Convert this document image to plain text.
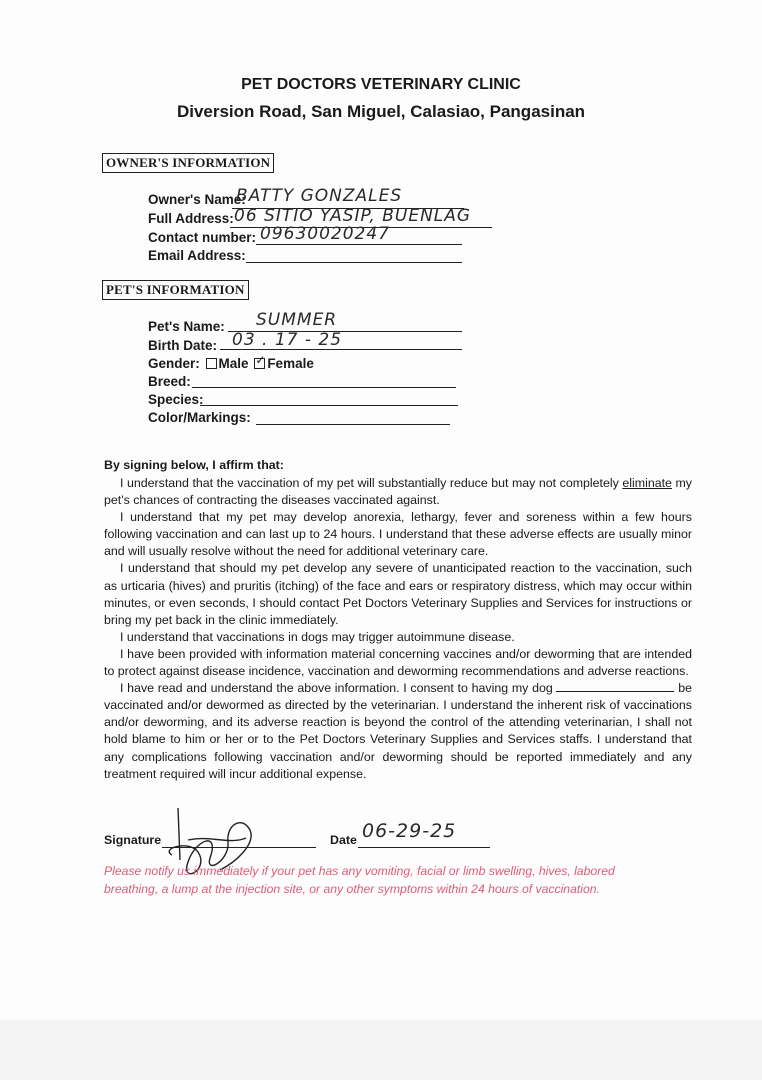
PET DOCTORS VETERINARY CLINIC
Diversion Road, San Miguel, Calasiao, Pangasinan
OWNER'S INFORMATION
Owner's Name:
BATTY GONZALES
Full Address: 06 SITIO YASIP, BUENLAG
Contact number: 09630020247
Email Address:
PET'S INFORMATION
Pet's Name: SUMMER
Birth Date: 03 . 17 - 25
Gender: Male ✓ Female
Breed:
Species:
Color/Markings:
By signing below, I affirm that:

I understand that the vaccination of my pet will substantially reduce but may not completely eliminate my pet's chances of contracting the diseases vaccinated against.

I understand that my pet may develop anorexia, lethargy, fever and soreness within a few hours following vaccination and can last up to 24 hours. I understand that these adverse effects are usually minor and will usually resolve without the need for additional veterinary care.

I understand that should my pet develop any severe of unanticipated reaction to the vaccination, such as urticaria (hives) and pruritis (itching) of the face and ears or respiratory distress, which may occur within minutes, or even seconds, I should contact Pet Doctors Veterinary Supplies and Services for instructions or bring my pet back in the clinic immediately.

I understand that vaccinations in dogs may trigger autoimmune disease.

I have been provided with information material concerning vaccines and/or deworming that are intended to protect against disease incidence, vaccination and deworming recommendations and adverse reactions.

I have read and understand the above information. I consent to having my dog	be vaccinated and/or dewormed as directed by the veterinarian. I understand the inherent risk of vaccinations and/or deworming, and its adverse reaction is beyond the control of the attending veterinarian, I shall not hold blame to him or her or to the Pet Doctors Veterinary Supplies and Services staffs. I understand that any complications following vaccination and/or deworming should be reported immediately and any treatment required will incur additional expense.

Signature	Date 06-29-25
Please notify us immediately if your pet has any vomiting, facial or limb swelling, hives, labored breathing, a lump at the injection site, or any other symptoms within 24 hours of vaccination.
